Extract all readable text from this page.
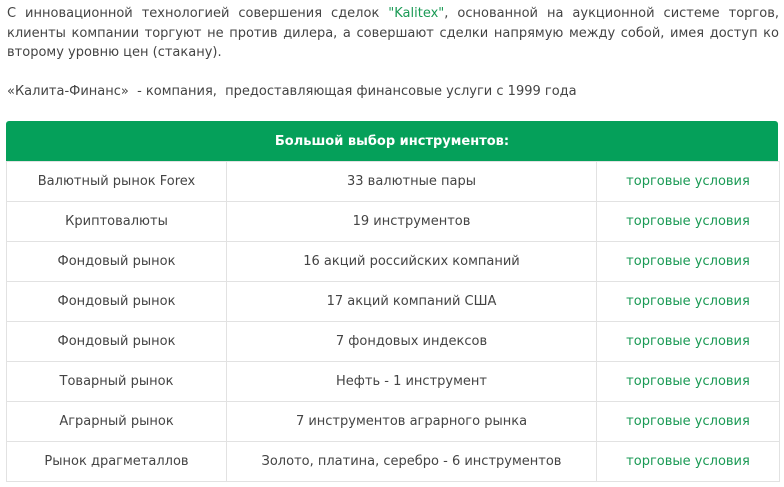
С инновационной технологией совершения сделок "Kalitex", основанной на аукционной системе торгов, клиенты компании торгуют не против дилера, а совершают сделки напрямую между собой, имея доступ ко второму уровню цен (стакану).

«Калита-Финанс»  - компания,  предоставляющая финансовые услуги с 1999 года

Большой выбор инструментов:
Валютный рынок Forex	33 валютные пары	торговые условия
Криптовалюты	19 инструментов	торговые условия
Фондовый рынок	16 акций российских компаний	торговые условия
Фондовый рынок	17 акций компаний США	торговые условия
Фондовый рынок	7 фондовых индексов	торговые условия
Товарный рынок	Нефть - 1 инструмент	торговые условия
Аграрный рынок	7 инструментов аграрного рынка	торговые условия
Рынок драгметаллов	Золото, платина, серебро - 6 инструментов	торговые условия
